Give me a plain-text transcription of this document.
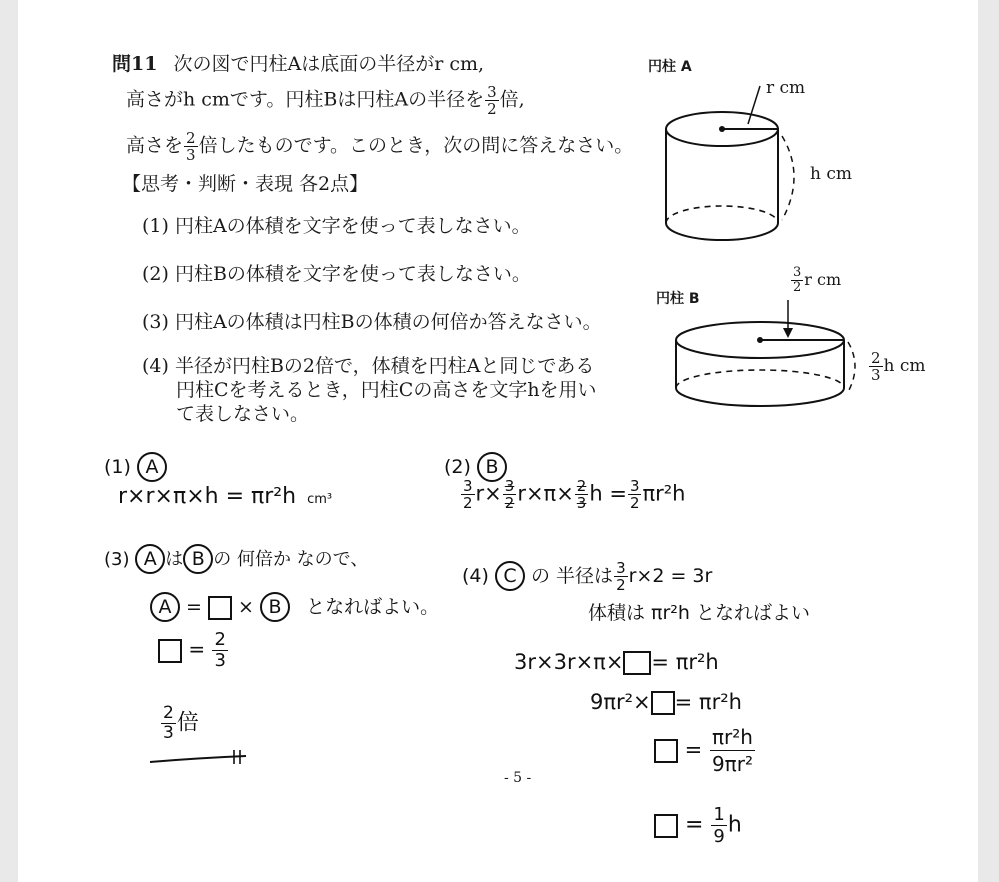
問11 次の図で円柱Aは底面の半径がr cm,
高さがh cmです。円柱Bは円柱Aの半径を $\frac{3}{2}$ 倍,
高さを $\frac{2}{3}$ 倍したものです。このとき，次の問に答えなさい。
【思考・判断・表現 各2点】
(1) 円柱Aの体積を文字を使って表しなさい。
(2) 円柱Bの体積を文字を使って表しなさい。
(3) 円柱Aの体積は円柱Bの体積の何倍か答えなさい。
(4) 半径が円柱Bの2倍で，体積を円柱Aと同じである
円柱Cを考えるとき，円柱Cの高さを文字hを用い
て表しなさい。
円柱 A
r cm
h cm
円柱 B
$\frac{3}{2}$ r cm
$\frac{2}{3}$ h cm
(1) A
r×r×π×h = πr²h cm³
(2) B
$\frac{3}{2} r\times \frac{3}{2} r\times\pi\times \frac{2}{3}$ $h = \frac{3}{2} \pi r^2h$
(3) A は B の 何倍か なので、
A =  × B となればよい。
= $\frac{2}{3}$
$\frac{2}{3}$ 倍
(4) C の 半径は $\frac{3}{2} r\times 2 = 3r$
体積は πr²h となればよい
3r×3r×π× = πr²h
9πr²× = πr²h
= $\frac{\text{πr²h}}{\text{9πr²}}$
= $\frac{1}{9}$ h
- 5 -
